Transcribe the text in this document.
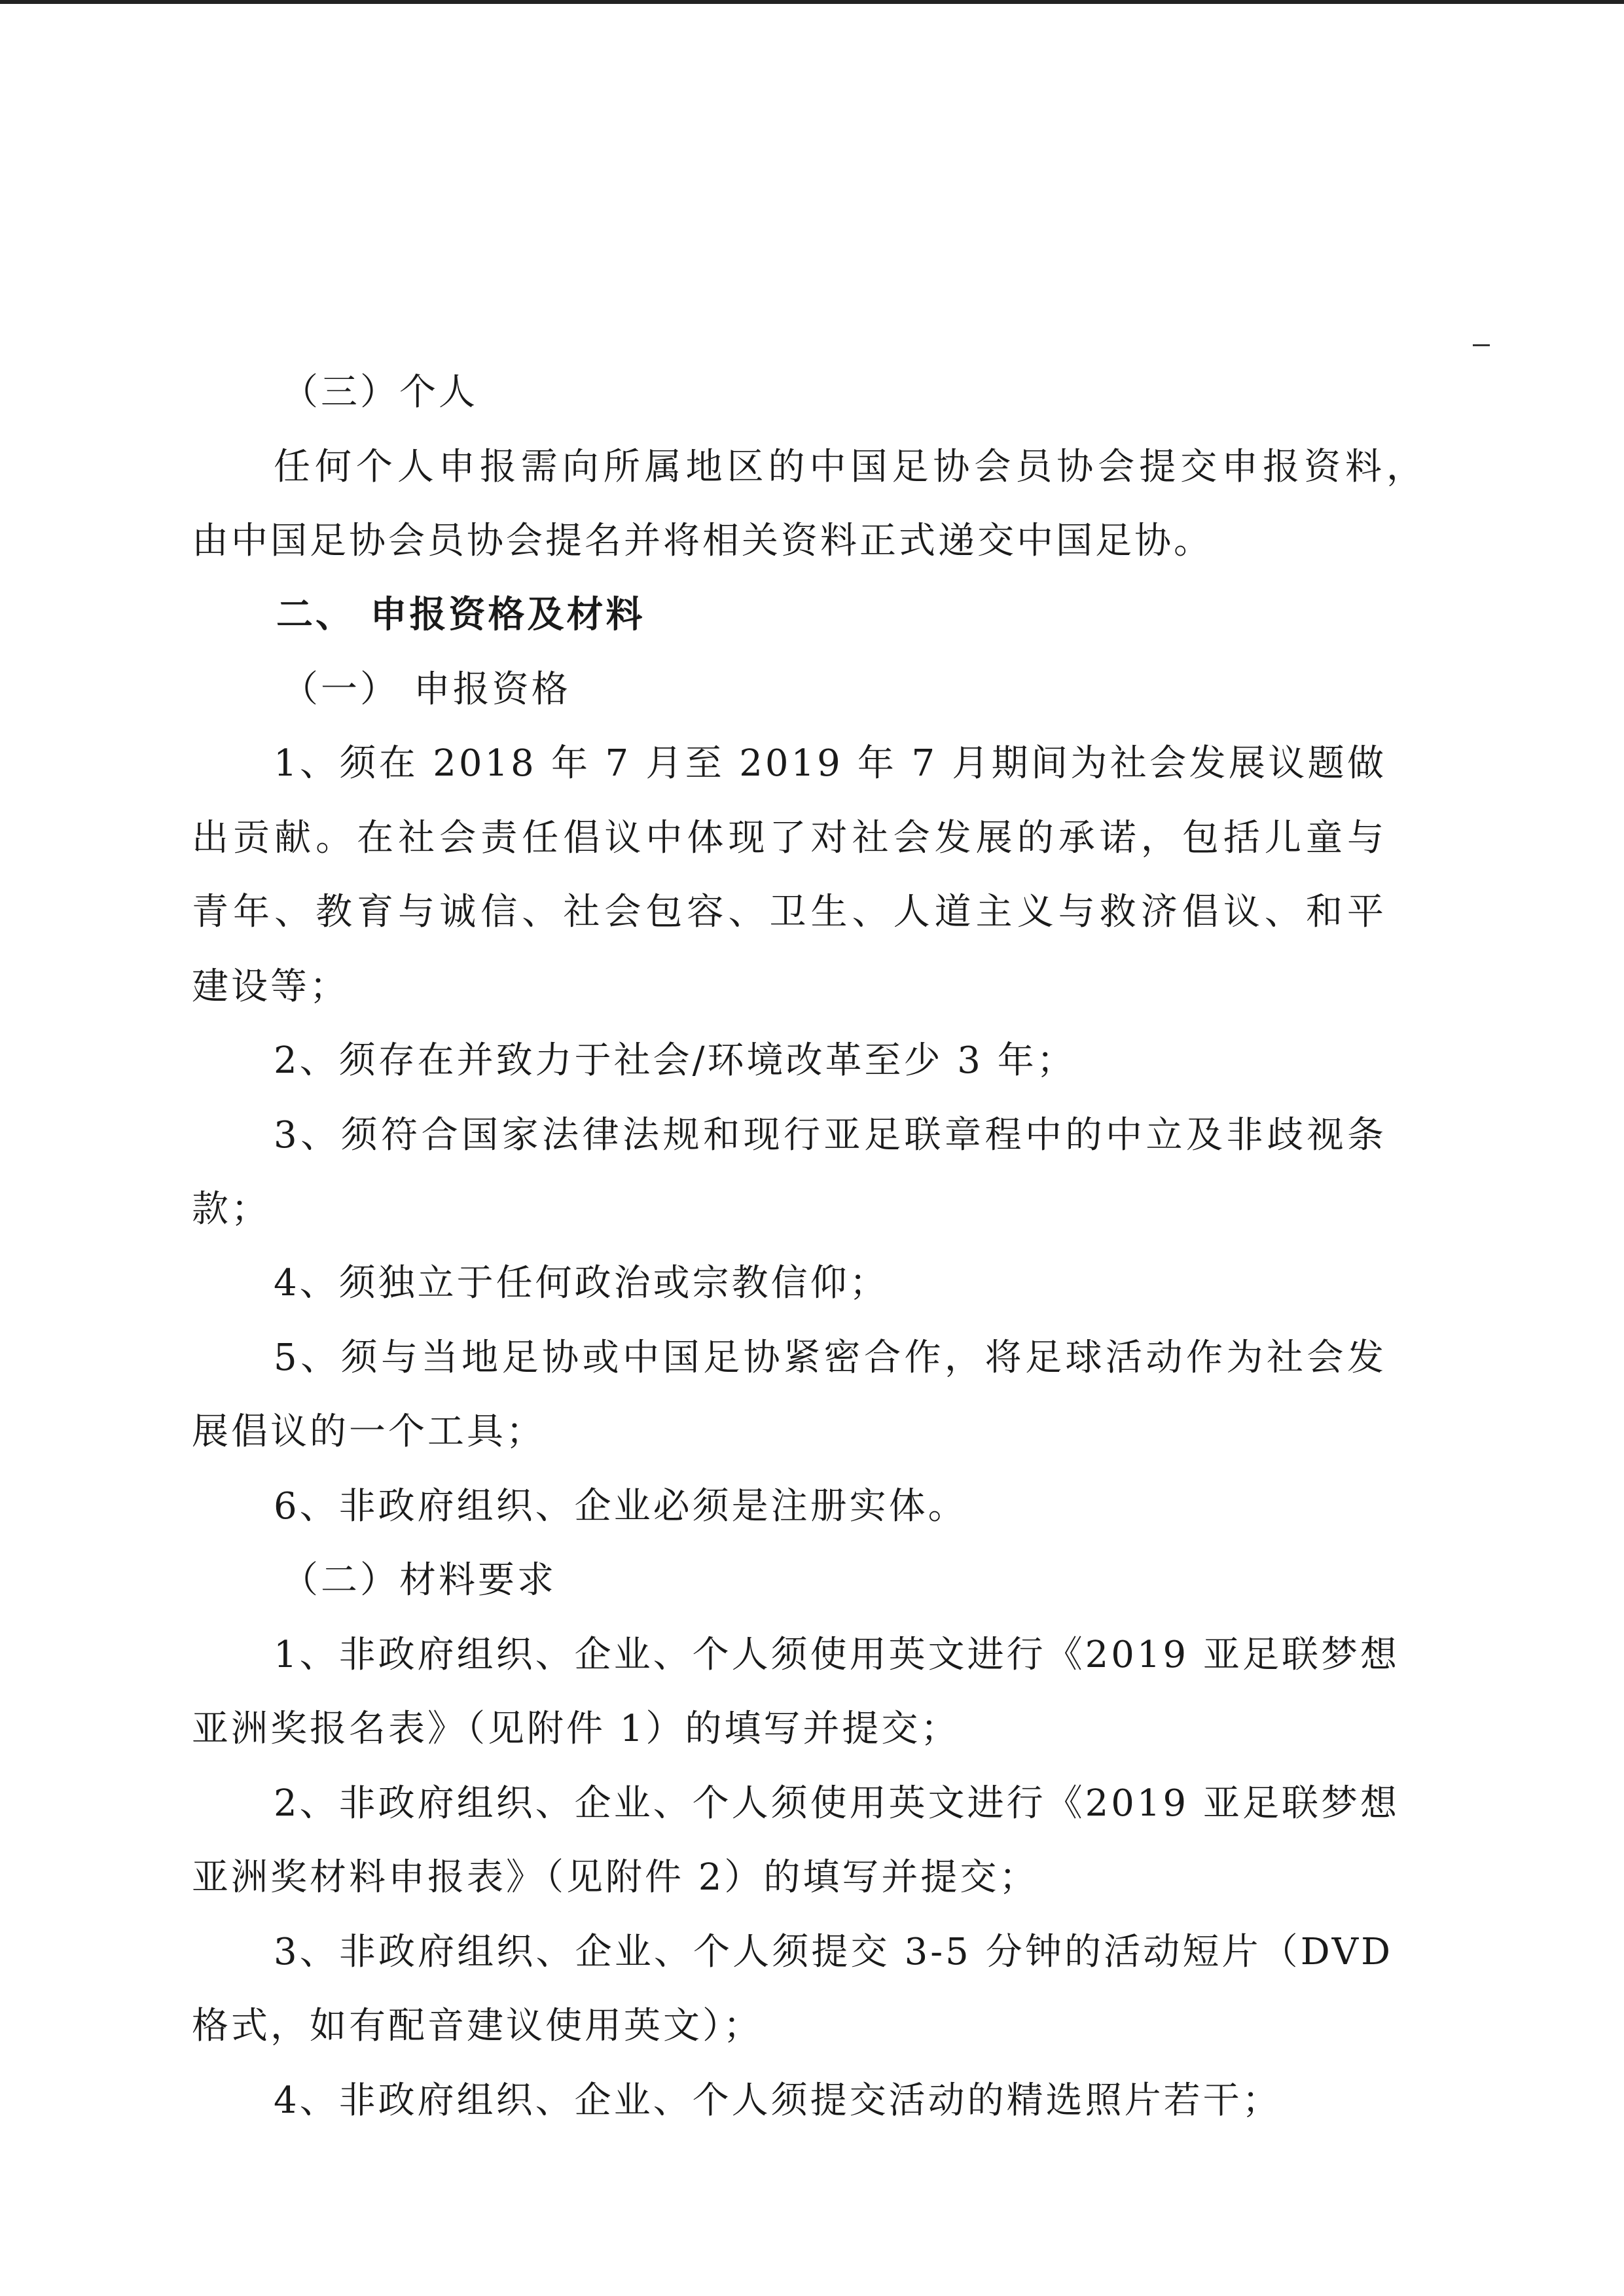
（三）个人
任何个人申报需向所属地区的中国足协会员协会提交申报资料，
由中国足协会员协会提名并将相关资料正式递交中国足协。
二、 申报资格及材料
（一） 申报资格
1、须在 2018 年 7 月至 2019 年 7 月期间为社会发展议题做
出贡献。在社会责任倡议中体现了对社会发展的承诺，包括儿童与
青年、教育与诚信、社会包容、卫生、人道主义与救济倡议、和平
建设等；
2、须存在并致力于社会/环境改革至少 3 年；
3、须符合国家法律法规和现行亚足联章程中的中立及非歧视条
款；
4、须独立于任何政治或宗教信仰；
5、须与当地足协或中国足协紧密合作，将足球活动作为社会发
展倡议的一个工具；
6、非政府组织、企业必须是注册实体。
（二）材料要求
1、非政府组织、企业、个人须使用英文进行《2019 亚足联梦想
亚洲奖报名表》（见附件 1）的填写并提交；
2、非政府组织、企业、个人须使用英文进行《2019 亚足联梦想
亚洲奖材料申报表》（见附件 2）的填写并提交；
3、非政府组织、企业、个人须提交 3-5 分钟的活动短片（DVD
格式，如有配音建议使用英文）；
4、非政府组织、企业、个人须提交活动的精选照片若干；
